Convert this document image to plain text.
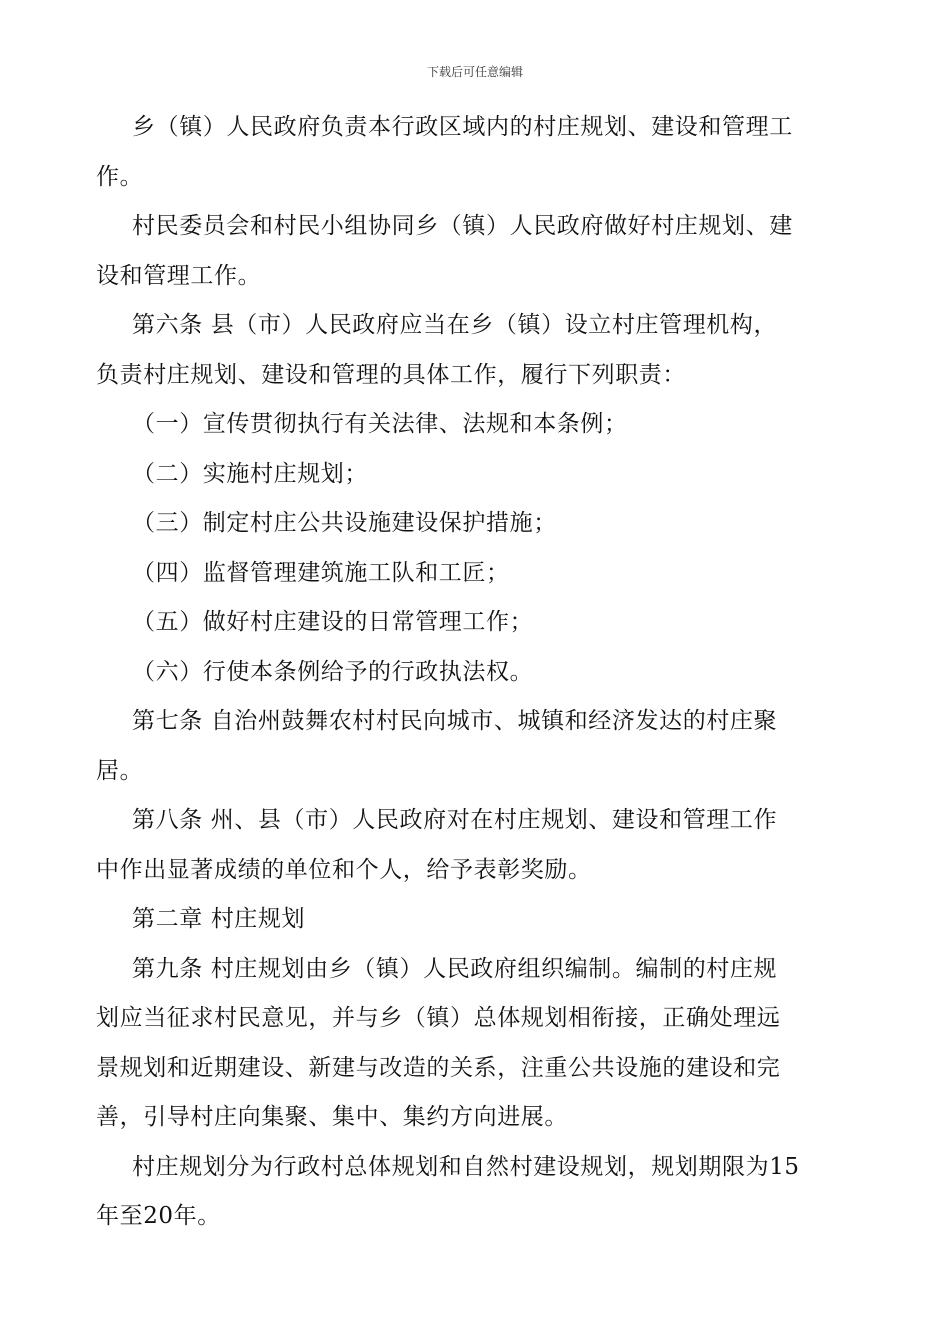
下载后可任意编辑

乡（镇）人民政府负责本行政区域内的村庄规划、建设和管理工
作。

村民委员会和村民小组协同乡（镇）人民政府做好村庄规划、建
设和管理工作。

第六条 县（市）人民政府应当在乡（镇）设立村庄管理机构，
负责村庄规划、建设和管理的具体工作，履行下列职责：

（一）宣传贯彻执行有关法律、法规和本条例；

（二）实施村庄规划；

（三）制定村庄公共设施建设保护措施；

（四）监督管理建筑施工队和工匠；

（五）做好村庄建设的日常管理工作；

（六）行使本条例给予的行政执法权。

第七条 自治州鼓舞农村村民向城市、城镇和经济发达的村庄聚
居。

第八条 州、县（市）人民政府对在村庄规划、建设和管理工作
中作出显著成绩的单位和个人，给予表彰奖励。

第二章 村庄规划

第九条 村庄规划由乡（镇）人民政府组织编制。编制的村庄规
划应当征求村民意见，并与乡（镇）总体规划相衔接，正确处理远
景规划和近期建设、新建与改造的关系，注重公共设施的建设和完
善，引导村庄向集聚、集中、集约方向进展。

村庄规划分为行政村总体规划和自然村建设规划，规划期限为15
年至20年。
